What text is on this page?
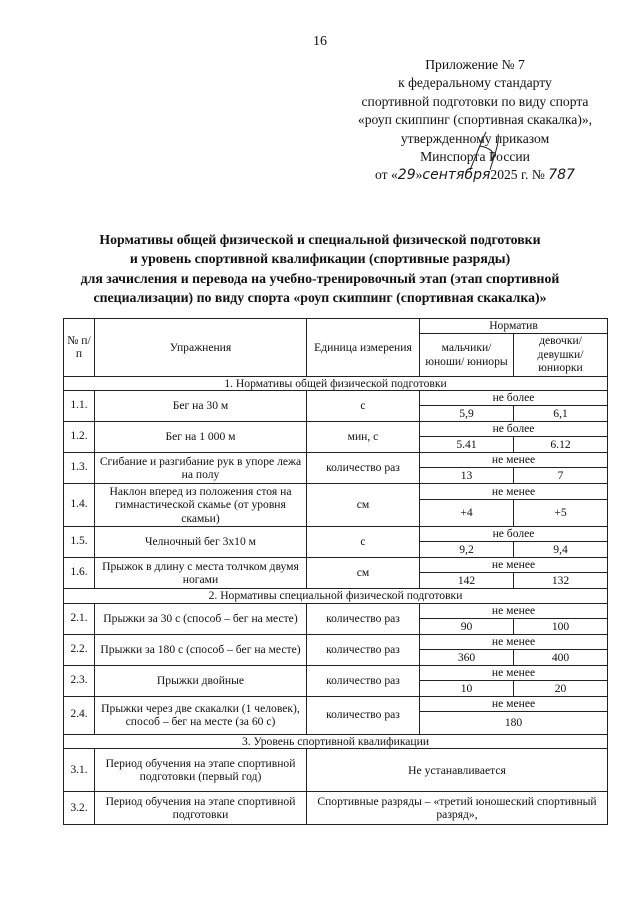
16
Приложение № 7
к федеральному стандарту
спортивной подготовки по виду спорта
«роуп скиппинг (спортивная скакалка)»,
утвержденному приказом
Минспорта России
от «29»сентября2025 г. № 787
Нормативы общей физической и специальной физической подготовки
и уровень спортивной квалификации (спортивные разряды)
для зачисления и перевода на учебно-тренировочный этап (этап спортивной
специализации) по виду спорта «роуп скиппинг (спортивная скакалка)»
№ п/п	Упражнения	Единица измерения	Норматив	
			мальчики/ юноши/ юниоры	девочки/ девушки/ юниорки
1. Нормативы общей физической подготовки				
1.1.	Бег на 30 м	с	не более
5,9 6,1	

1.2.	Бег на 1 000 м	мин, с	не более
5.41 6.12	

1.3.	Сгибание и разгибание рук в упоре лежа на полу	количество раз	не менее
13 7	

1.4.	Наклон вперед из положения стоя на гимнастической скамье (от уровня скамьи)	см	не менее
+4 +5	

1.5.	Челночный бег 3х10 м	с	не более
9,2 9,4	

1.6.	Прыжок в длину с места толчком двумя ногами	см	не менее
142 132	

2. Нормативы специальной физической подготовки				
2.1.	Прыжки за 30 с (способ – бег на месте)	количество раз	не менее
90 100	

2.2.	Прыжки за 180 с (способ – бег на месте)	количество раз	не менее
360 400	

2.3.	Прыжки двойные	количество раз	не менее
10 20	

2.4.	Прыжки через две скакалки (1 человек), способ – бег на месте (за 60 с)	количество раз	не менее
180	

3. Уровень спортивной квалификации				
3.1.	Период обучения на этапе спортивной подготовки (первый год)	Не устанавливается		
3.2.	Период обучения на этапе спортивной подготовки	Спортивные разряды – «третий юношеский спортивный разряд»,		
